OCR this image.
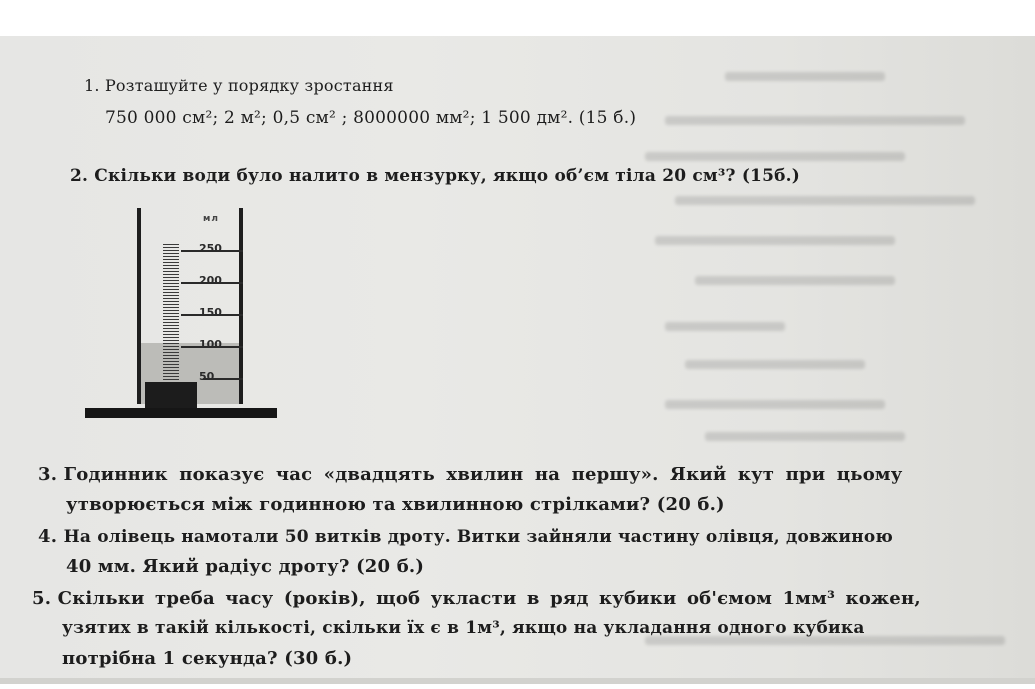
1. Розташуйте у порядку зростання
750 000 см²; 2 м²; 0,5 см² ; 8000000 мм²; 1 500 дм². (15 б.)
2. Скільки води було налито в мензурку, якщо об’єм тіла 20 см³? (15б.)
мл
250
200
150
100
50
3. Годинник показує час «двадцять хвилин на першу». Який кут при цьому
утворюється між годинною та хвилинною стрілками? (20 б.)
4. На олівець намотали 50 витків дроту. Витки зайняли частину олівця, довжиною
40 мм. Який радіус дроту? (20 б.)
5. Скільки треба часу (років), щоб укласти в ряд кубики об'ємом 1мм³ кожен,
узятих в такій кількості, скільки їх є в 1м³, якщо на укладання одного кубика
потрібна 1 секунда? (30 б.)
